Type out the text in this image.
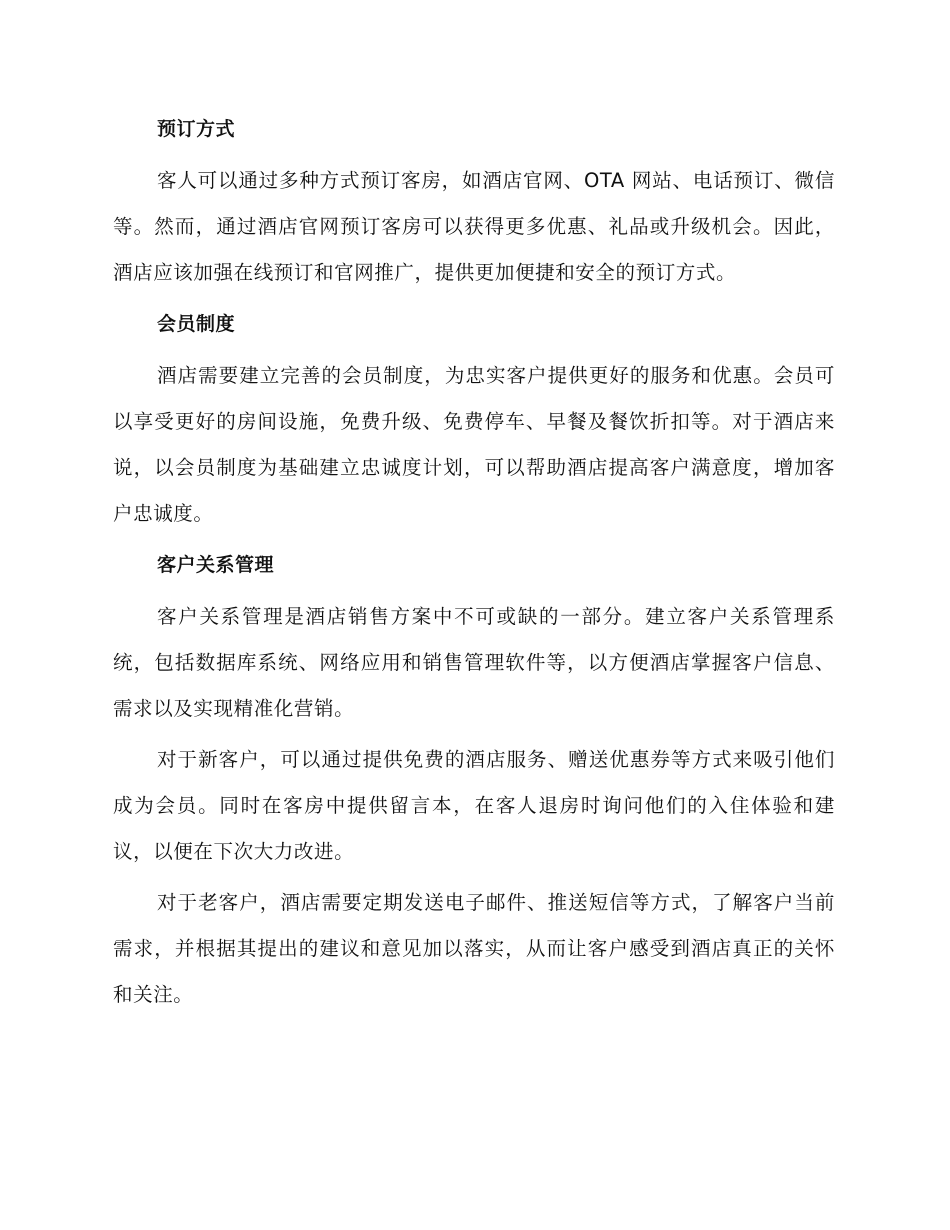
预订方式

客人可以通过多种方式预订客房，如酒店官网、OTA 网站、电话预订、微信等。然而，通过酒店官网预订客房可以获得更多优惠、礼品或升级机会。因此，酒店应该加强在线预订和官网推广，提供更加便捷和安全的预订方式。

会员制度

酒店需要建立完善的会员制度，为忠实客户提供更好的服务和优惠。会员可以享受更好的房间设施，免费升级、免费停车、早餐及餐饮折扣等。对于酒店来说，以会员制度为基础建立忠诚度计划，可以帮助酒店提高客户满意度，增加客户忠诚度。

客户关系管理

客户关系管理是酒店销售方案中不可或缺的一部分。建立客户关系管理系统，包括数据库系统、网络应用和销售管理软件等，以方便酒店掌握客户信息、需求以及实现精准化营销。

对于新客户，可以通过提供免费的酒店服务、赠送优惠券等方式来吸引他们成为会员。同时在客房中提供留言本，在客人退房时询问他们的入住体验和建议，以便在下次大力改进。

对于老客户，酒店需要定期发送电子邮件、推送短信等方式，了解客户当前需求，并根据其提出的建议和意见加以落实，从而让客户感受到酒店真正的关怀和关注。
